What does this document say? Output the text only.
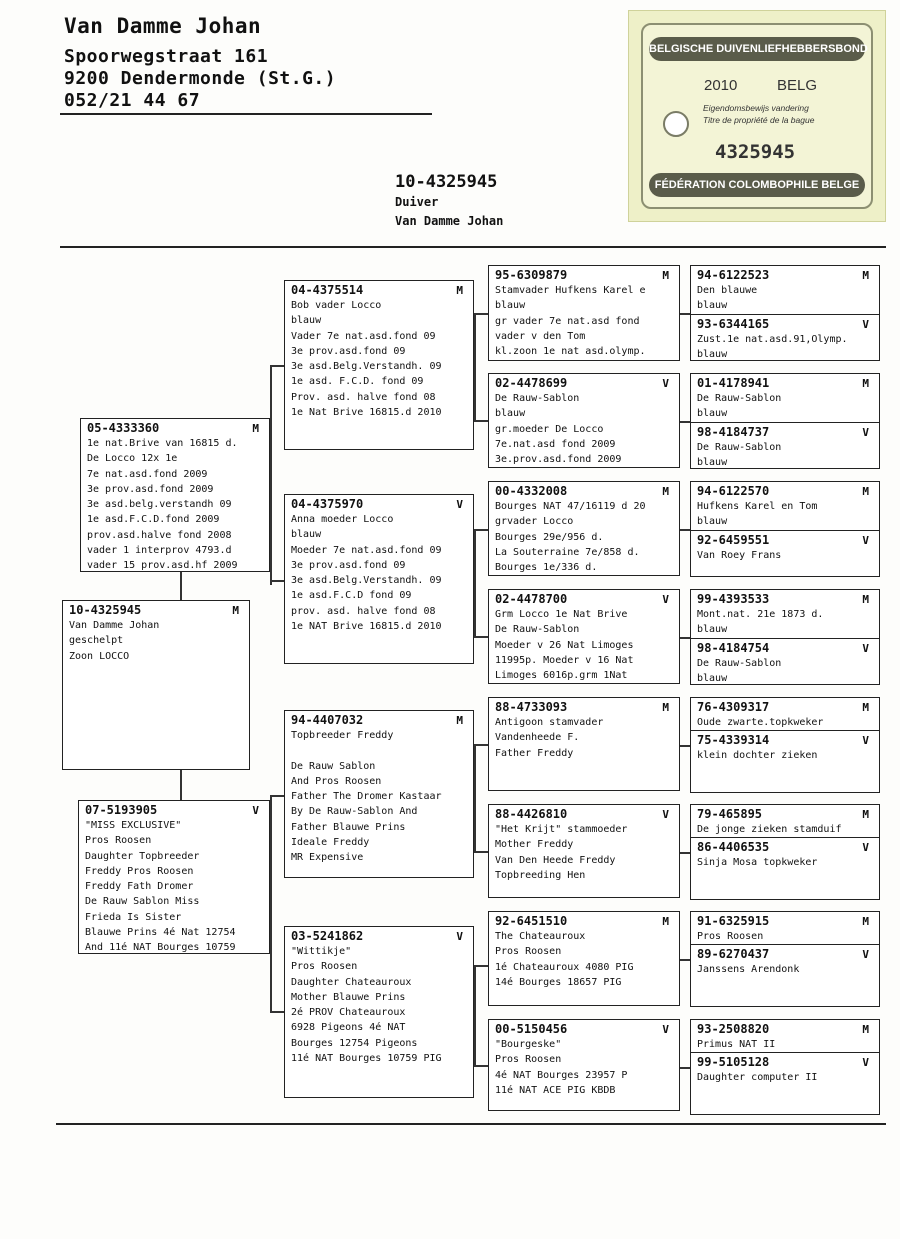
Van Damme Johan
Spoorwegstraat 161
9200 Dendermonde (St.G.)
052/21 44 67
BELGISCHE DUIVENLIEFHEBBERSBOND
2010	BELG
Eigendomsbewijs vandering
Titre de propriété de la bague
4325945
FÉDÉRATION COLOMBOPHILE BELGE
10-4325945
Duiver
Van Damme Johan
10-4325945	M
Van Damme Johan
geschelpt
Zoon LOCCO
05-4333360	M
1e nat.Brive van 16815 d.
De Locco 12x 1e
7e nat.asd.fond 2009
3e prov.asd.fond 2009
3e asd.belg.verstandh 09
1e asd.F.C.D.fond 2009
prov.asd.halve fond 2008
vader 1 interprov 4793.d
vader 15 prov.asd.hf 2009
07-5193905	V
"MISS EXCLUSIVE"
Pros Roosen
Daughter Topbreeder
Freddy Pros Roosen
Freddy Fath Dromer
De Rauw Sablon Miss
Frieda Is Sister
Blauwe Prins 4é Nat 12754
And 11é NAT Bourges 10759
04-4375514	M
Bob vader Locco
blauw
Vader 7e nat.asd.fond 09
3e prov.asd.fond 09
3e asd.Belg.Verstandh. 09
1e asd. F.C.D. fond 09
Prov. asd. halve fond 08
1e Nat Brive 16815.d 2010
04-4375970	V
Anna moeder Locco
blauw
Moeder 7e nat.asd.fond 09
3e prov.asd.fond 09
3e asd.Belg.Verstandh. 09
1e asd.F.C.D fond 09
prov. asd. halve fond 08
1e NAT Brive 16815.d 2010
94-4407032	M
Topbreeder Freddy

De Rauw Sablon
And Pros Roosen
Father The Dromer Kastaar
By De Rauw-Sablon And
Father Blauwe Prins
Ideale Freddy
MR Expensive
03-5241862	V
"Wittikje"
Pros Roosen
Daughter Chateauroux
Mother Blauwe Prins
2é PROV Chateauroux
6928 Pigeons 4é NAT
Bourges 12754 Pigeons
11é NAT Bourges 10759 PIG
95-6309879	M
Stamvader Hufkens Karel e
blauw
gr vader 7e nat.asd fond
vader v den Tom
kl.zoon 1e nat asd.olymp.
02-4478699	V
De Rauw-Sablon
blauw
gr.moeder De Locco
7e.nat.asd fond 2009
3e.prov.asd.fond 2009
00-4332008	M
Bourges NAT 47/16119 d 20
grvader Locco
Bourges 29e/956 d.
La Souterraine 7e/858 d.
Bourges 1e/336 d.
02-4478700	V
Grm Locco 1e Nat Brive
De Rauw-Sablon
Moeder v 26 Nat Limoges
11995p. Moeder v 16 Nat
Limoges 6016p.grm 1Nat
88-4733093	M
Antigoon stamvader
Vandenheede F.
Father Freddy
88-4426810	V
"Het Krijt" stammoeder
Mother Freddy
Van Den Heede Freddy
Topbreeding Hen
92-6451510	M
The Chateauroux
Pros Roosen
1é Chateauroux 4080 PIG
14é Bourges 18657 PIG
00-5150456	V
"Bourgeske"
Pros Roosen
4é NAT Bourges 23957 P
11é NAT ACE PIG KBDB
94-6122523	M
Den blauwe
blauw
93-6344165	V
Zust.1e nat.asd.91,Olymp.
blauw
01-4178941	M
De Rauw-Sablon
blauw
98-4184737	V
De Rauw-Sablon
blauw
94-6122570	M
Hufkens Karel en Tom
blauw
92-6459551	V
Van Roey Frans
99-4393533	M
Mont.nat. 21e 1873 d.
blauw
98-4184754	V
De Rauw-Sablon
blauw
76-4309317	M
Oude zwarte.topkweker
75-4339314	V
klein dochter zieken
79-465895	M
De jonge zieken stamduif
86-4406535	V
Sinja Mosa topkweker
91-6325915	M
Pros Roosen
89-6270437	V
Janssens Arendonk
93-2508820	M
Primus NAT II
99-5105128	V
Daughter computer II
